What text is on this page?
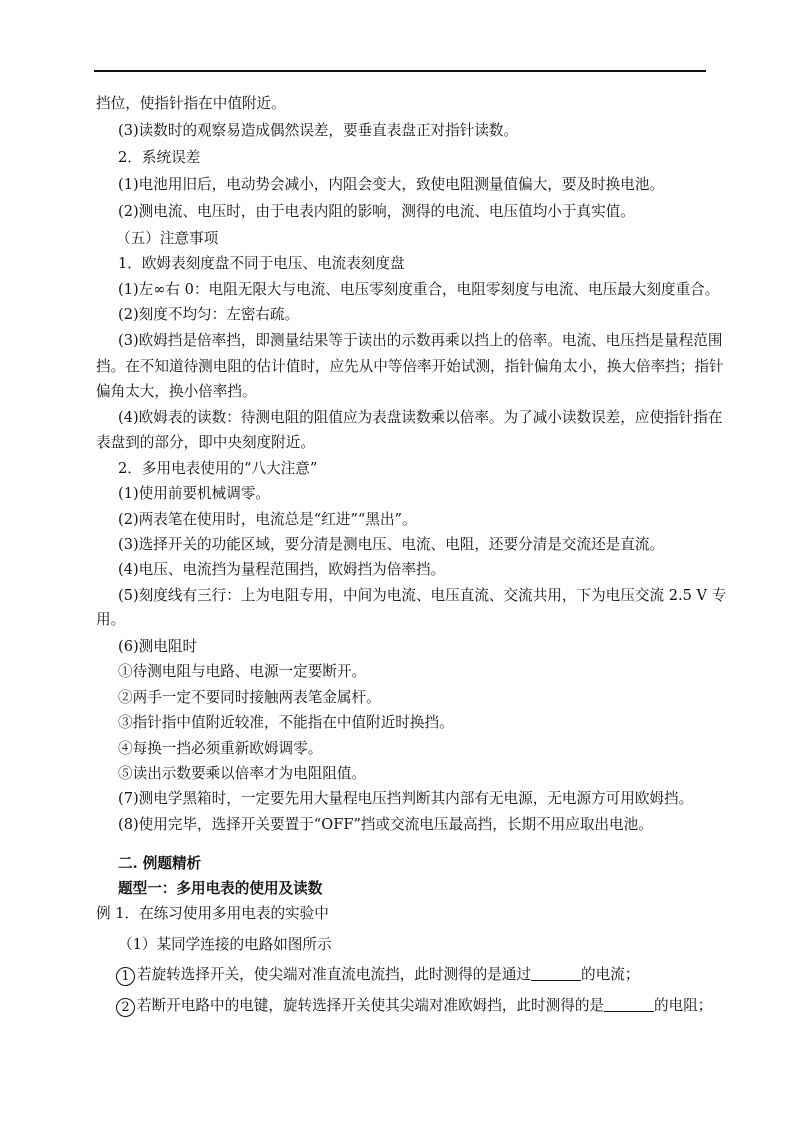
挡位，使指针指在中值附近。
(3)读数时的观察易造成偶然误差，要垂直表盘正对指针读数。
2．系统误差
(1)电池用旧后，电动势会减小，内阻会变大，致使电阻测量值偏大，要及时换电池。
(2)测电流、电压时，由于电表内阻的影响，测得的电流、电压值均小于真实值。
（五）注意事项
1．欧姆表刻度盘不同于电压、电流表刻度盘
(1)左∞右 0：电阻无限大与电流、电压零刻度重合，电阻零刻度与电流、电压最大刻度重合。
(2)刻度不均匀：左密右疏。
(3)欧姆挡是倍率挡，即测量结果等于读出的示数再乘以挡上的倍率。电流、电压挡是量程范围
挡。在不知道待测电阻的估计值时，应先从中等倍率开始试测，指针偏角太小，换大倍率挡；指针
偏角太大，换小倍率挡。
(4)欧姆表的读数：待测电阻的阻值应为表盘读数乘以倍率。为了减小读数误差，应使指针指在
表盘到的部分，即中央刻度附近。
2．多用电表使用的“八大注意”
(1)使用前要机械调零。
(2)两表笔在使用时，电流总是“红进”“黑出”。
(3)选择开关的功能区域，要分清是测电压、电流、电阻，还要分清是交流还是直流。
(4)电压、电流挡为量程范围挡，欧姆挡为倍率挡。
(5)刻度线有三行：上为电阻专用，中间为电流、电压直流、交流共用，下为电压交流 2.5 V 专
用。
(6)测电阻时
①待测电阻与电路、电源一定要断开。
②两手一定不要同时接触两表笔金属杆。
③指针指中值附近较准，不能指在中值附近时换挡。
④每换一挡必须重新欧姆调零。
⑤读出示数要乘以倍率才为电阻阻值。
(7)测电学黑箱时，一定要先用大量程电压挡判断其内部有无电源，无电源方可用欧姆挡。
(8)使用完毕，选择开关要置于“OFF”挡或交流电压最高挡，长期不用应取出电池。
二. 例题精析
题型一：多用电表的使用及读数
例 1．在练习使用多用电表的实验中
（1）某同学连接的电路如图所示
1 若旋转选择开关，使尖端对准直流电流挡，此时测得的是通过	的电流；
2 若断开电路中的电键，旋转选择开关使其尖端对准欧姆挡，此时测得的是	的电阻；
